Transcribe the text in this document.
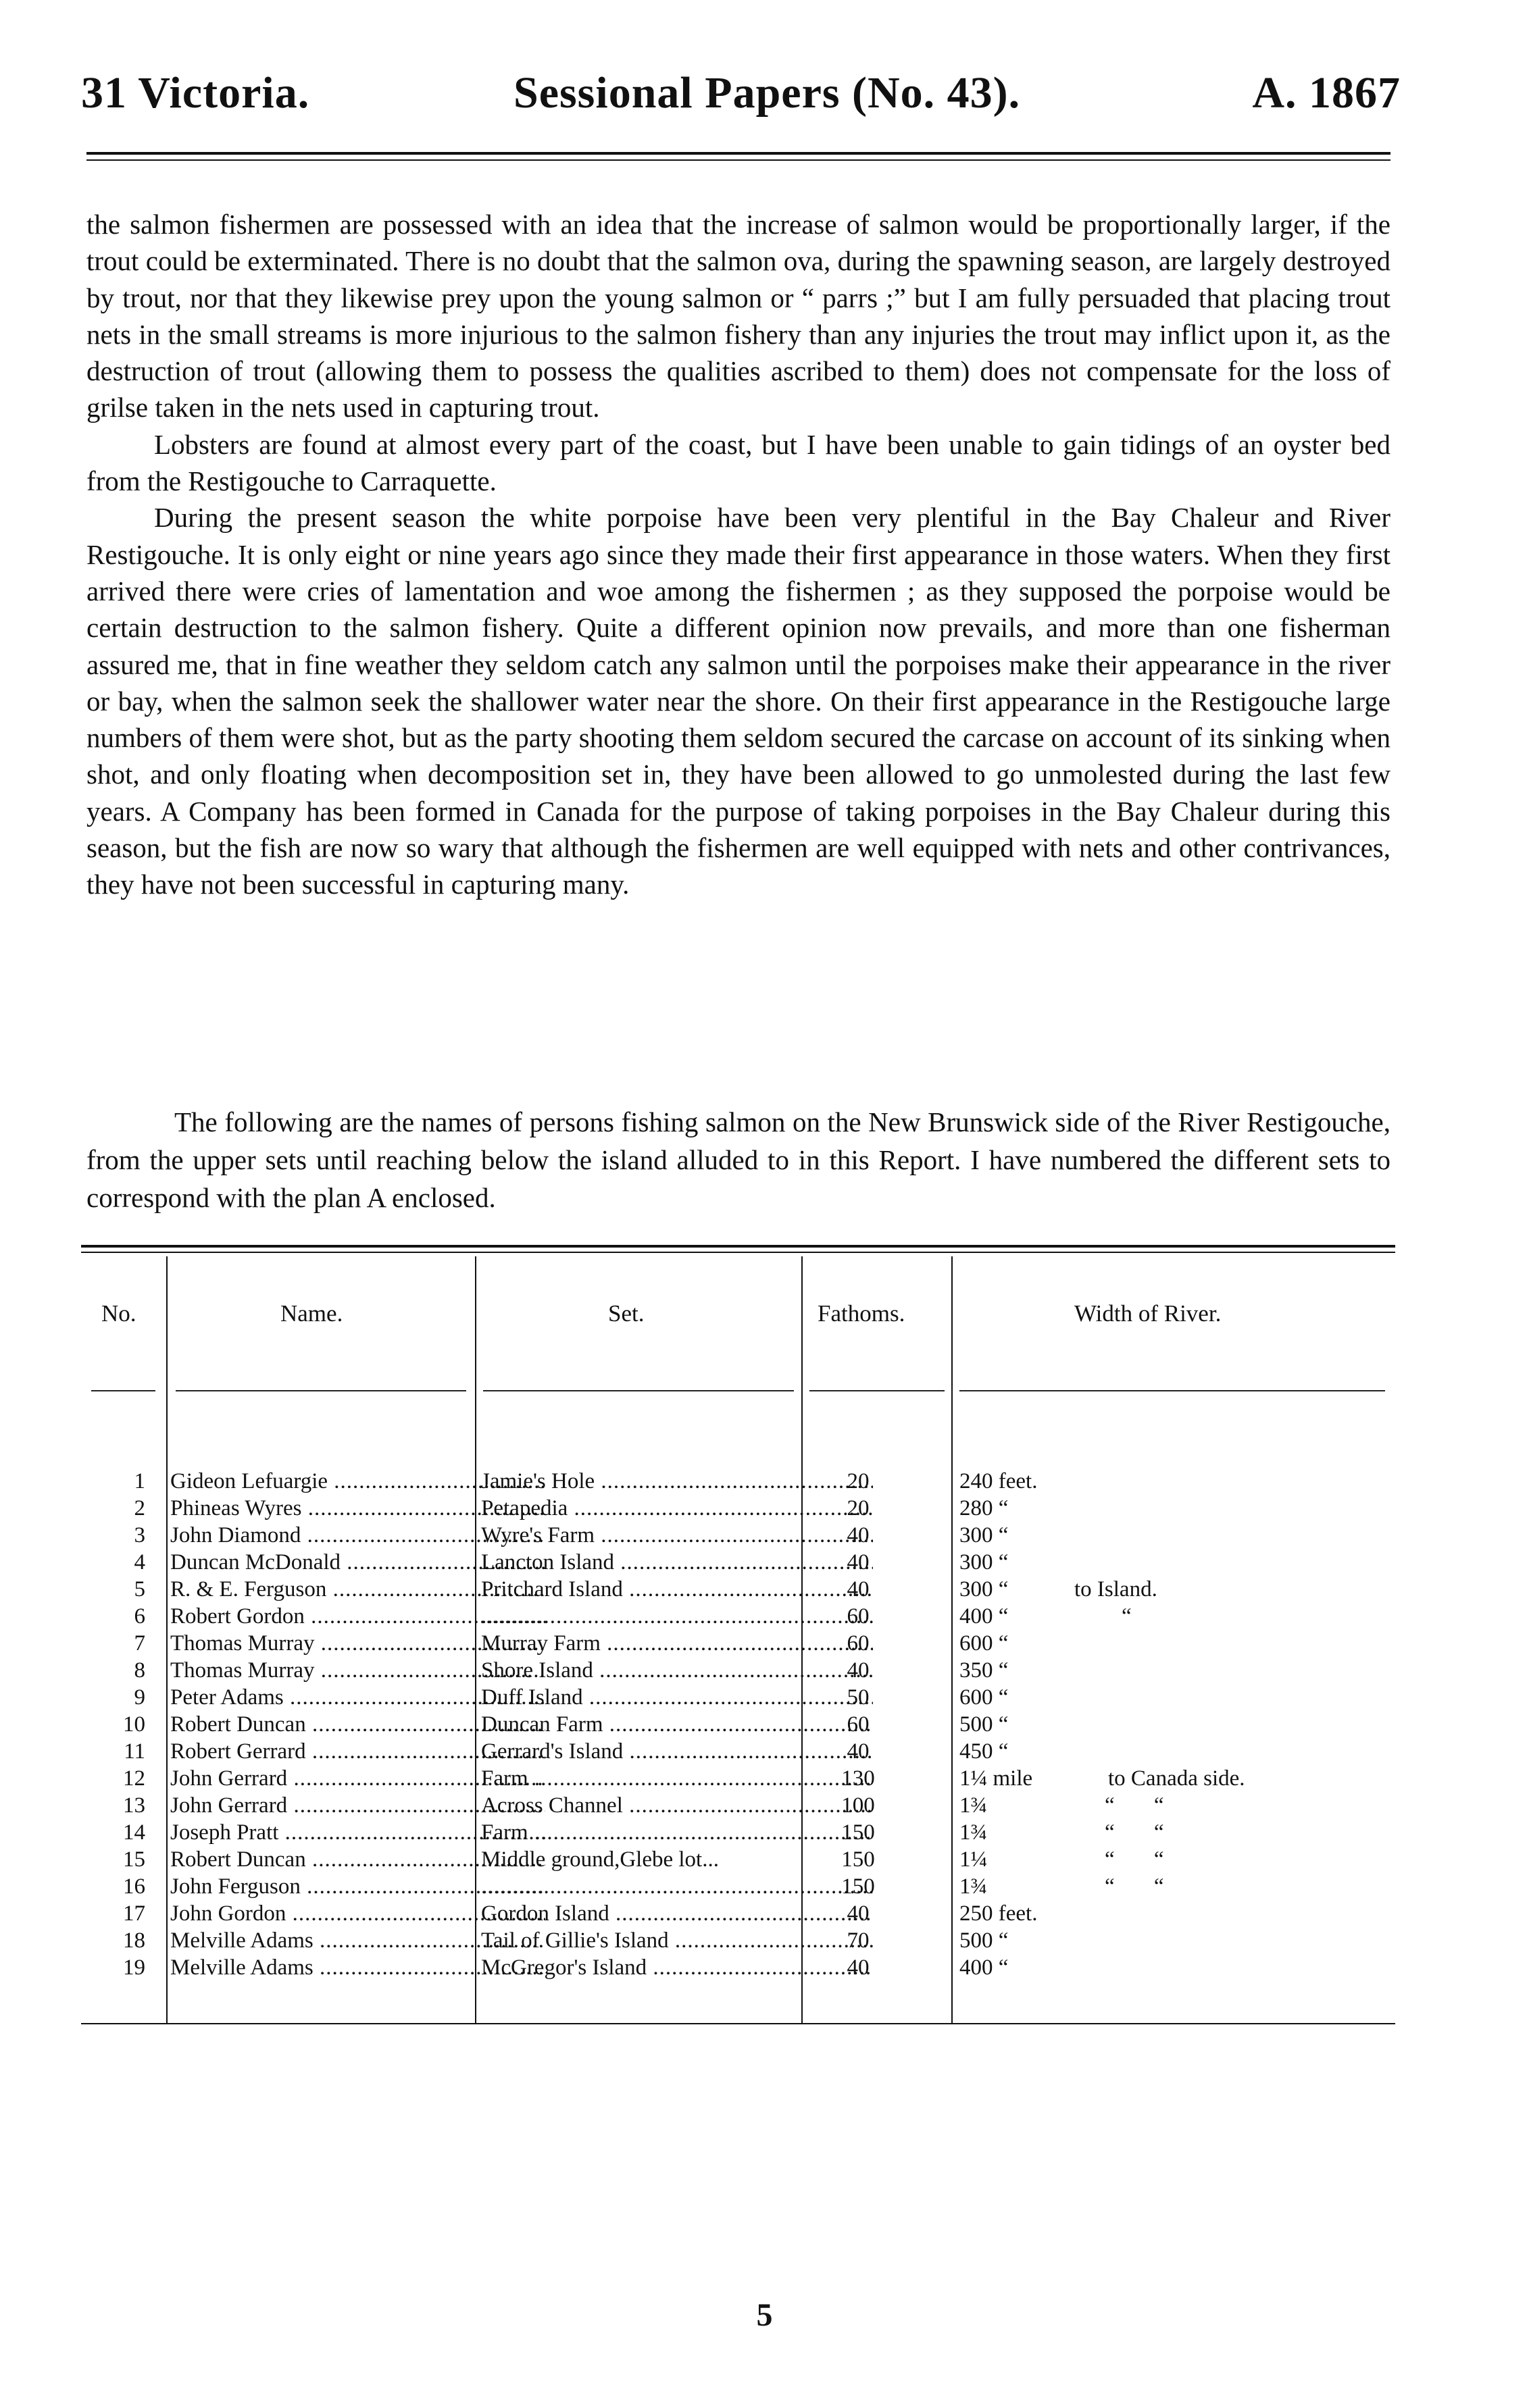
31 Victoria.	Sessional Papers (No. 43).	A. 1867

the salmon fishermen are possessed with an idea that the increase of salmon would be proportionally larger, if the trout could be exterminated. There is no doubt that the salmon ova, during the spawning season, are largely destroyed by trout, nor that they likewise prey upon the young salmon or “ parrs ;” but I am fully persuaded that placing trout nets in the small streams is more injurious to the salmon fishery than any injuries the trout may inflict upon it, as the destruction of trout (allowing them to possess the qualities ascribed to them) does not compensate for the loss of grilse taken in the nets used in capturing trout.

Lobsters are found at almost every part of the coast, but I have been unable to gain tidings of an oyster bed from the Restigouche to Carraquette.

During the present season the white porpoise have been very plentiful in the Bay Chaleur and River Restigouche. It is only eight or nine years ago since they made their first appearance in those waters. When they first arrived there were cries of lamentation and woe among the fishermen ; as they supposed the porpoise would be certain destruction to the salmon fishery. Quite a different opinion now prevails, and more than one fisherman assured me, that in fine weather they seldom catch any salmon until the porpoises make their appearance in the river or bay, when the salmon seek the shallower water near the shore. On their first appearance in the Restigouche large numbers of them were shot, but as the party shooting them seldom secured the carcase on account of its sinking when shot, and only floating when decomposition set in, they have been allowed to go unmolested during the last few years. A Company has been formed in Canada for the purpose of taking porpoises in the Bay Chaleur during this season, but the fish are now so wary that although the fishermen are well equipped with nets and other contrivances, they have not been successful in capturing many.

The following are the names of persons fishing salmon on the New Brunswick side of the River Restigouche, from the upper sets until reaching below the island alluded to in this Report. I have numbered the different sets to correspond with the plan A enclosed.
No.	Name.	Set.	Fathoms.	Width of River.
1 Gideon Lefuargie .....	Jamie's Hole .....	20	240 feet.
2 Phineas Wyres .....	Petapedia .....	20	280 “
3 John Diamond .....	Wyre's Farm .....	40	300 “
4 Duncan McDonald .....	Lancton Island .....	40	300 “
5 R. & E. Ferguson .....	Pritchard Island .....	40	300 “	to Island.
6 Robert Gordon ..... .....	60	400 “	“
7 Thomas Murray .....	Murray Farm .....	60	600 “
8 Thomas Murray .....	Shore Island .....	40	350 “
9 Peter Adams .....	Duff Island .....	50	600 “
10 Robert Duncan .....	Duncan Farm .....	60	500 “
11 Robert Gerrard .....	Gerrard's Island .....	40	450 “
12 John Gerrard .....	Farm .....	130	1¼ mile	to Canada side.
13 John Gerrard .....	Across Channel .....	100	1¾	“ “
14 Joseph Pratt .....	Farm .....	150	1¾	“ “
15 Robert Duncan .....	Middle ground,Glebe lot...	150	1¼	“ “
16 John Ferguson ..... .....	150	1¾	“ “
17 John Gordon .....	Gordon Island .....	40	250 feet.
18 Melville Adams .....	Tail of Gillie's Island .....	70	500 “
19 Melville Adams .....	McGregor's Island .....	40	400 “
5
